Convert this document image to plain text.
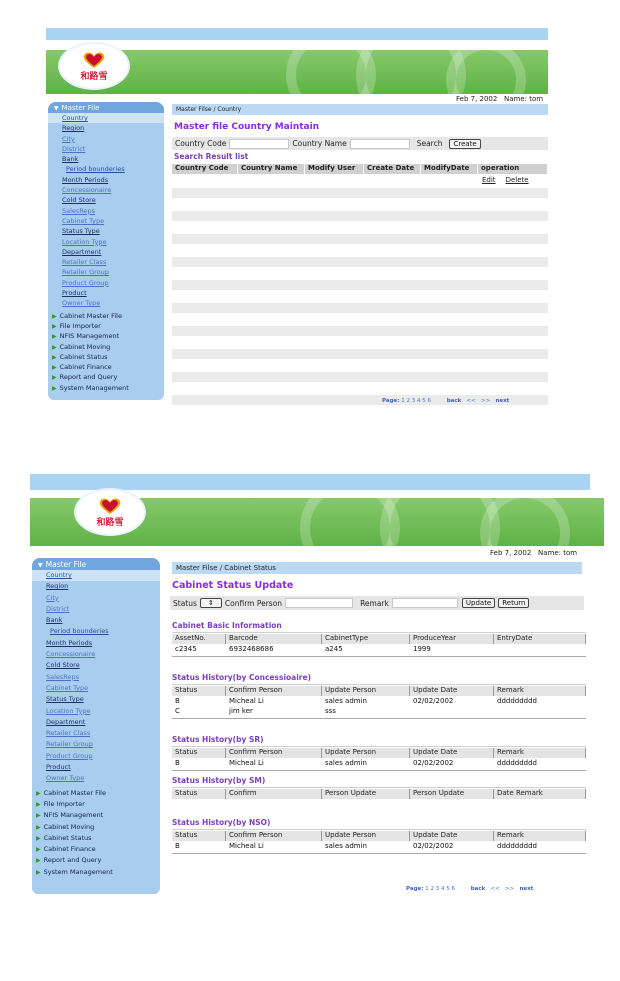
和路雪
▼ Master File
Country
Region
City
District
Bank
Period bounderies
Month Periods
Concessionaire
Cold Store
SalesReps
Cabinet Type
Status Type
Location Type
Department
Retailer Class
Retailer Group
Product Group
Product
Owner Type
▶ Cabinet Master File
▶ File Importer
▶ NFIS Management
▶ Cabinet Moving
▶ Cabinet Status
▶ Cabinet Finance
▶ Report and Query
▶ System Management
Feb 7, 2002 Name: tom
Master Filse / Country
Master file Country Maintain
Country Code	Country Name	Search	Create
Search Result list
Country Code	Country Name	Modify User	Create Date	ModifyDate	operation
Edit Delete
Page: 1 2 3 4 5 6	back << >> next
和路雪
▼ Master File
Country
Region
City
District
Bank
Period bounderies
Month Periods
Concessionaire
Cold Store
SalesReps
Cabinet Type
Status Type
Location Type
Department
Retailer Class
Retailer Group
Product Group
Product
Owner Type
▶ Cabinet Master File
▶ File Importer
▶ NFIS Management
▶ Cabinet Moving
▶ Cabinet Status
▶ Cabinet Finance
▶ Report and Query
▶ System Management
Feb 7, 2002 Name: tom
Master Filse / Cabinet Status
Cabinet Status Update
Status	⇕	Confirm Person	Remark	Update	Return
Cabinet Basic Information
AssetNo.	Barcode	CabinetType	ProduceYear	EntryDate
c2345	6932468686	a245	1999
Status History(by Concessioaire)
Status	Confirm Person	Update Person	Update Date	Remark
B	Micheal Li	sales admin	02/02/2002	ddddddddd
C	jim ker	sss
Status History(by SR)
Status	Confirm Person	Update Person	Update Date	Remark
B	Micheal Li	sales admin	02/02/2002	ddddddddd
Status History(by SM)
Status	Confirm	Person Update	Person Update	Date Remark
Status History(by NSO)
Status	Confirm Person	Update Person	Update Date	Remark
B	Micheal Li	sales admin	02/02/2002	ddddddddd
Page: 1 2 3 4 5 6	back << >> next
